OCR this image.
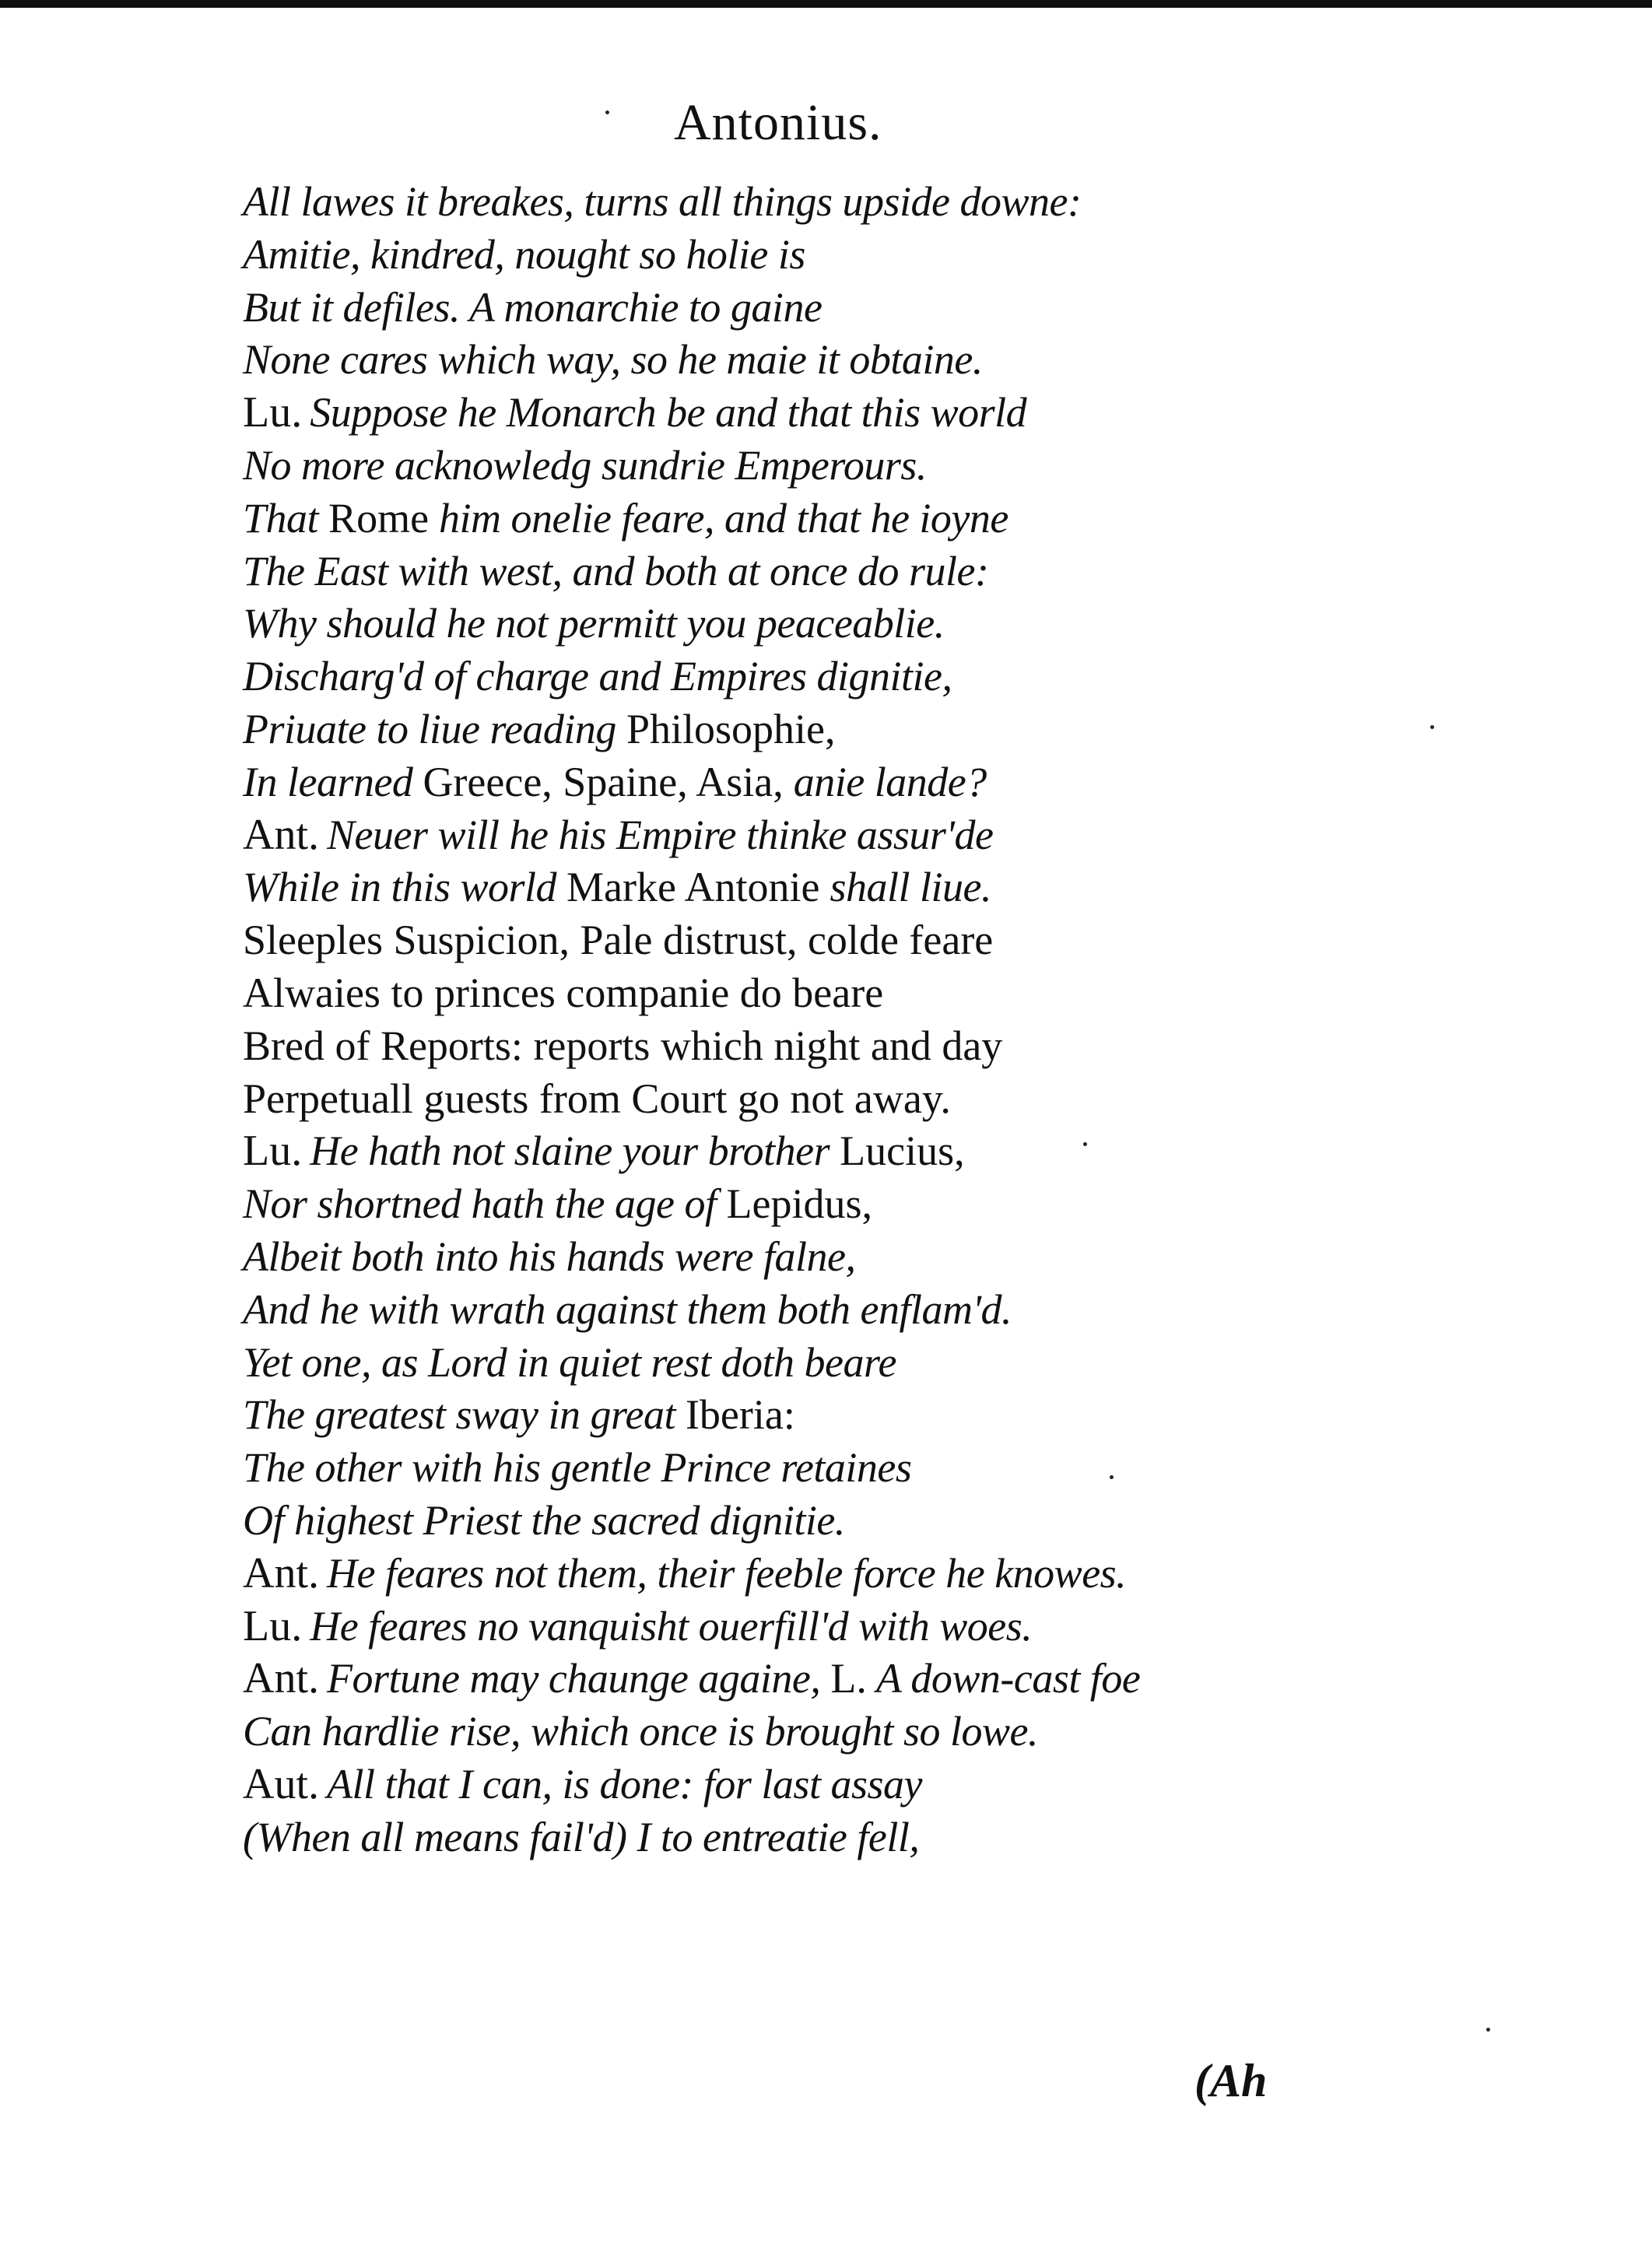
Antonius.
All lawes it breakes, turns all things upside downe:
Amitie, kindred, nought so holie is
But it defiles. A monarchie to gaine
None cares which way, so he maie it obtaine.
Lu. Suppose he Monarch be and that this world
No more acknowledg sundrie Emperours.
That Rome him onelie feare, and that he ioyne
The East with west, and both at once do rule:
Why should he not permitt you peaceablie.
Discharg'd of charge and Empires dignitie,
Priuate to liue reading Philosophie,
In learned Greece, Spaine, Asia, anie lande?
Ant. Neuer will he his Empire thinke assur'de
While in this world Marke Antonie shall liue.
Sleeples Suspicion, Pale distrust, colde feare
Alwaies to princes companie do beare
Bred of Reports: reports which night and day
Perpetuall guests from Court go not away.
Lu. He hath not slaine your brother Lucius,
Nor shortned hath the age of Lepidus,
Albeit both into his hands were falne,
And he with wrath against them both enflam'd.
Yet one, as Lord in quiet rest doth beare
The greatest sway in great Iberia:
The other with his gentle Prince retaines
Of highest Priest the sacred dignitie.
Ant. He feares not them, their feeble force he knowes.
Lu. He feares no vanquisht ouerfill'd with woes.
Ant. Fortune may chaunge againe, L. A down-cast foe
Can hardlie rise, which once is brought so lowe.
Aut. All that I can, is done: for last assay
(When all means fail'd) I to entreatie fell,
(Ah
